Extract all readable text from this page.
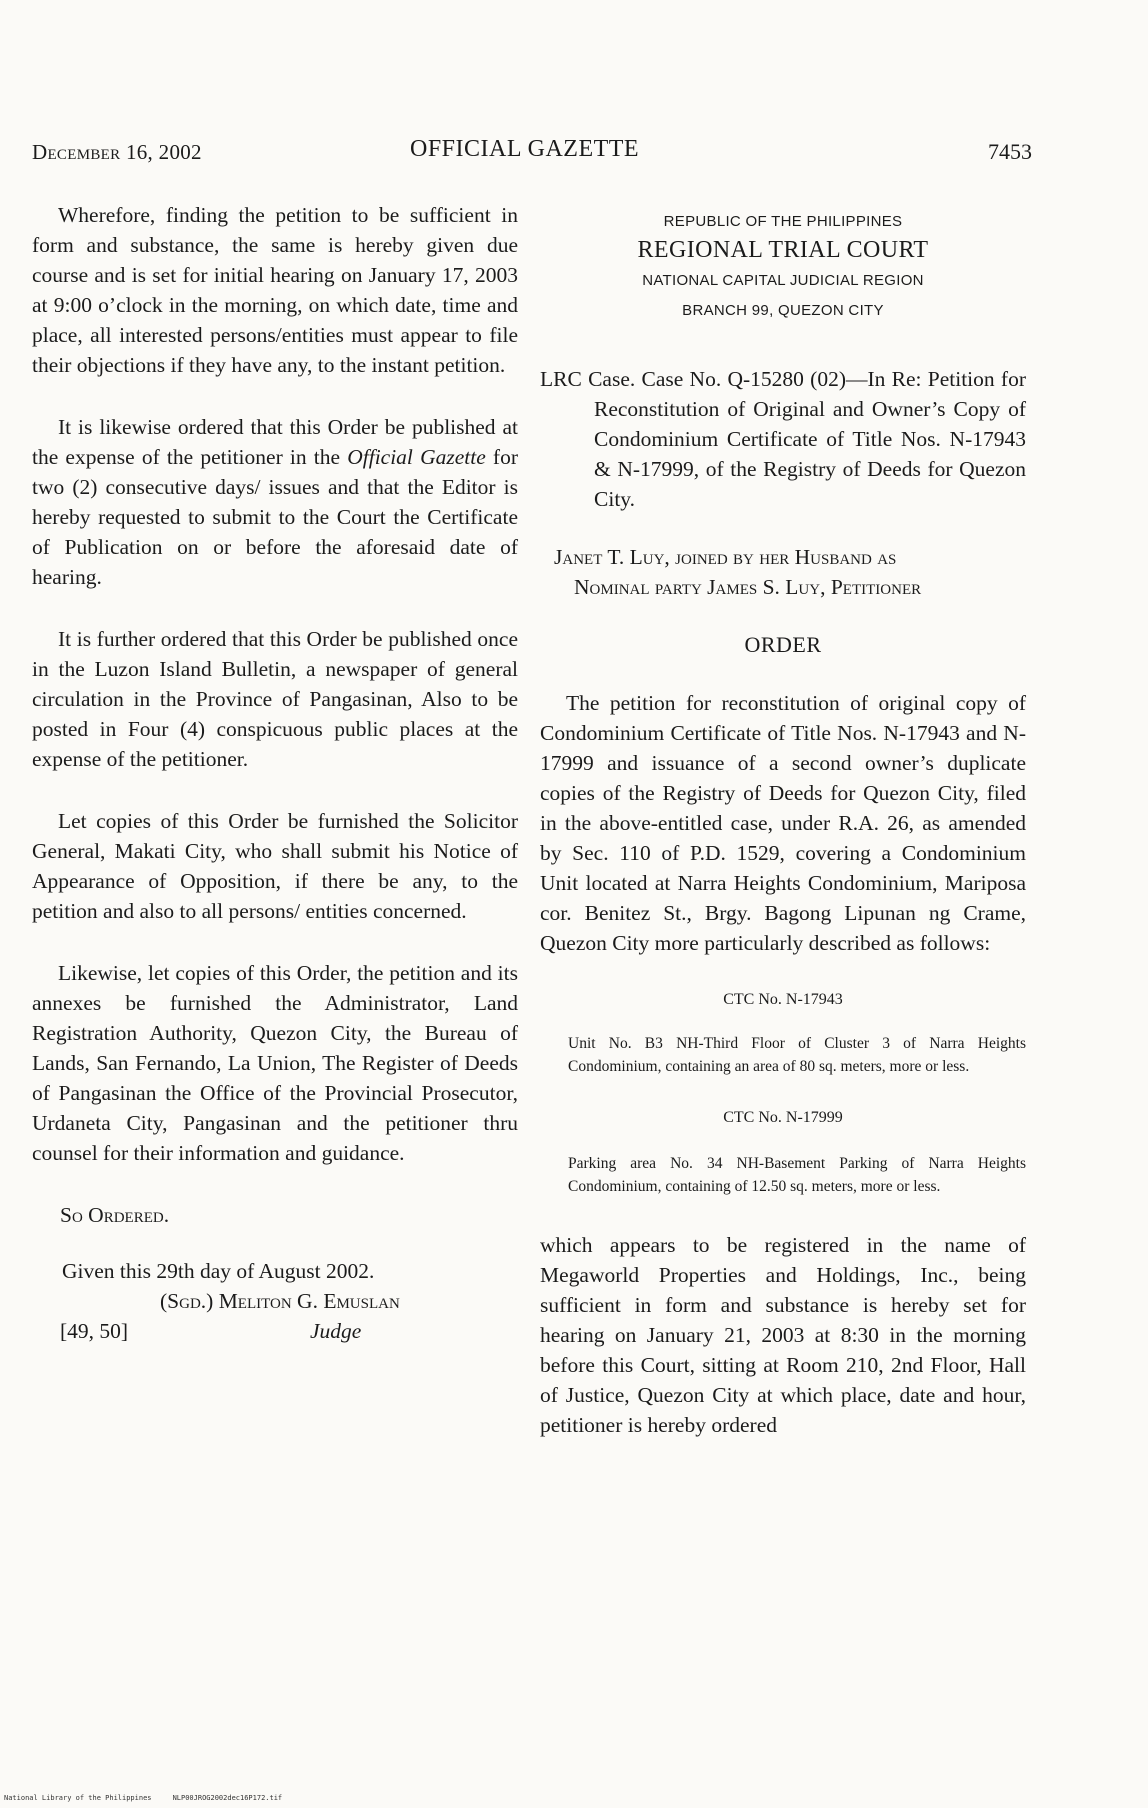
December 16, 2002	OFFICIAL GAZETTE	7453

Wherefore, finding the petition to be sufficient in form and substance, the same is hereby given due course and is set for initial hearing on January 17, 2003 at 9:00 o’clock in the morning, on which date, time and place, all interested persons/entities must appear to file their objections if they have any, to the instant petition.

It is likewise ordered that this Order be published at the expense of the petitioner in the Official Gazette for two (2) consecutive days/ issues and that the Editor is hereby requested to submit to the Court the Certificate of Publication on or before the aforesaid date of hearing.

It is further ordered that this Order be published once in the Luzon Island Bulletin, a newspaper of general circulation in the Province of Pangasinan, Also to be posted in Four (4) conspicuous public places at the expense of the petitioner.

Let copies of this Order be furnished the Solicitor General, Makati City, who shall submit his Notice of Appearance of Opposition, if there be any, to the petition and also to all persons/ entities concerned.

Likewise, let copies of this Order, the petition and its annexes be furnished the Administrator, Land Registration Authority, Quezon City, the Bureau of Lands, San Fernando, La Union, The Register of Deeds of Pangasinan the Office of the Provincial Prosecutor, Urdaneta City, Pangasinan and the petitioner thru counsel for their information and guidance.

So Ordered.
Given this 29th day of August 2002.
(Sgd.) Meliton G. Emuslan
[49, 50]	Judge
REPUBLIC OF THE PHILIPPINES
REGIONAL TRIAL COURT
NATIONAL CAPITAL JUDICIAL REGION
BRANCH 99, QUEZON CITY

LRC Case. Case No. Q-15280 (02)—In Re: Petition for Reconstitution of Original and Owner’s Copy of Condominium Certificate of Title Nos. N-17943 & N-17999, of the Registry of Deeds for Quezon City.

Janet T. Luy, joined by her Husband as
Nominal party James S. Luy, Petitioner

ORDER

The petition for reconstitution of original copy of Condominium Certificate of Title Nos. N-17943 and N-17999 and issuance of a second owner’s duplicate copies of the Registry of Deeds for Quezon City, filed in the above-entitled case, under R.A. 26, as amended by Sec. 110 of P.D. 1529, covering a Condominium Unit located at Narra Heights Condominium, Mariposa cor. Benitez St., Brgy. Bagong Lipunan ng Crame, Quezon City more particularly described as follows:

CTC No. N-17943

Unit No. B3 NH-Third Floor of Cluster 3 of Narra Heights Condominium, containing an area of 80 sq. meters, more or less.

CTC No. N-17999

Parking area No. 34 NH-Basement Parking of Narra Heights Condominium, containing of 12.50 sq. meters, more or less.

which appears to be registered in the name of Megaworld Properties and Holdings, Inc., being sufficient in form and substance is hereby set for hearing on January 21, 2003 at 8:30 in the morning before this Court, sitting at Room 210, 2nd Floor, Hall of Justice, Quezon City at which place, date and hour, petitioner is hereby ordered

National Library of the Philippines     NLP00JROG2002dec16P172.tif
